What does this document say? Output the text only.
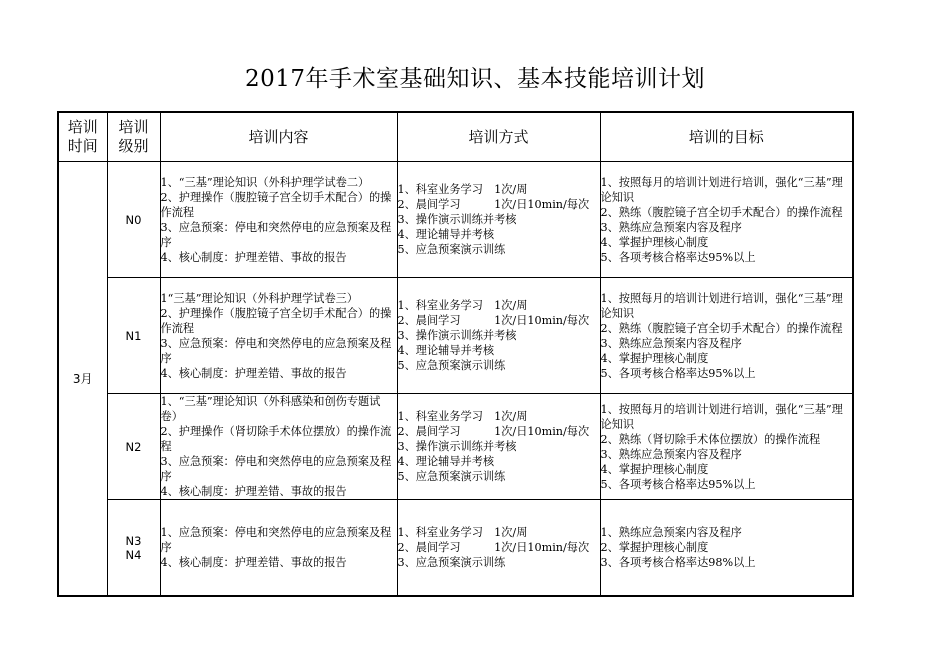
2017年手术室基础知识、基本技能培训计划
培训
时间	培训
级别	培训内容	培训方式	培训的目标
3月	N0	1、“三基”理论知识（外科护理学试卷二）
2、护理操作（腹腔镜子宫全切手术配合）的操作流程
3、应急预案：停电和突然停电的应急预案及程序
4、核心制度：护理差错、事故的报告	1、科室业务学习　1次/周
2、晨间学习　　　1次/日10min/每次
3、操作演示训练并考核
4、理论辅导并考核
5、应急预案演示训练	1、按照每月的培训计划进行培训，强化“三基”理论知识
2、熟练（腹腔镜子宫全切手术配合）的操作流程
3、熟练应急预案内容及程序
4、掌握护理核心制度
5、各项考核合格率达95%以上

	N1	1“三基”理论知识（外科护理学试卷三）
2、护理操作（腹腔镜子宫全切手术配合）的操作流程
3、应急预案：停电和突然停电的应急预案及程序
4、核心制度：护理差错、事故的报告	1、科室业务学习　1次/周
2、晨间学习　　　1次/日10min/每次
3、操作演示训练并考核
4、理论辅导并考核
5、应急预案演示训练	1、按照每月的培训计划进行培训，强化“三基”理论知识
2、熟练（腹腔镜子宫全切手术配合）的操作流程
3、熟练应急预案内容及程序
4、掌握护理核心制度
5、各项考核合格率达95%以上

	N2	1、“三基”理论知识（外科感染和创伤专题试卷）
2、护理操作（肾切除手术体位摆放）的操作流程
3、应急预案：停电和突然停电的应急预案及程序
4、核心制度：护理差错、事故的报告	1、科室业务学习　1次/周
2、晨间学习　　　1次/日10min/每次
3、操作演示训练并考核
4、理论辅导并考核
5、应急预案演示训练	1、按照每月的培训计划进行培训，强化“三基”理论知识
2、熟练（肾切除手术体位摆放）的操作流程
3、熟练应急预案内容及程序
4、掌握护理核心制度
5、各项考核合格率达95%以上

	N3
N4	1、应急预案：停电和突然停电的应急预案及程序
4、核心制度：护理差错、事故的报告	1、科室业务学习　1次/周
2、晨间学习　　　1次/日10min/每次
3、应急预案演示训练	1、熟练应急预案内容及程序
2、掌握护理核心制度
3、各项考核合格率达98%以上
